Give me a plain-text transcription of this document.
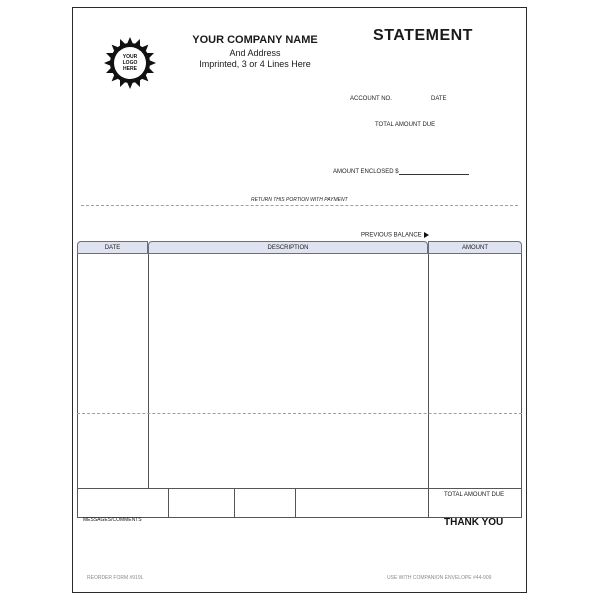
YOUR
LOGO
HERE
YOUR COMPANY NAME
And Address
Imprinted, 3 or 4 Lines Here
STATEMENT
ACCOUNT NO.	DATE
TOTAL AMOUNT DUE
AMOUNT ENCLOSED $
RETURN THIS PORTION WITH PAYMENT
PREVIOUS BALANCE
DATE	DESCRIPTION	AMOUNT
TOTAL AMOUNT DUE
MESSAGES/COMMENTS	THANK YOU
REORDER FORM #919L	USE WITH COMPANION ENVELOPE #44-909
